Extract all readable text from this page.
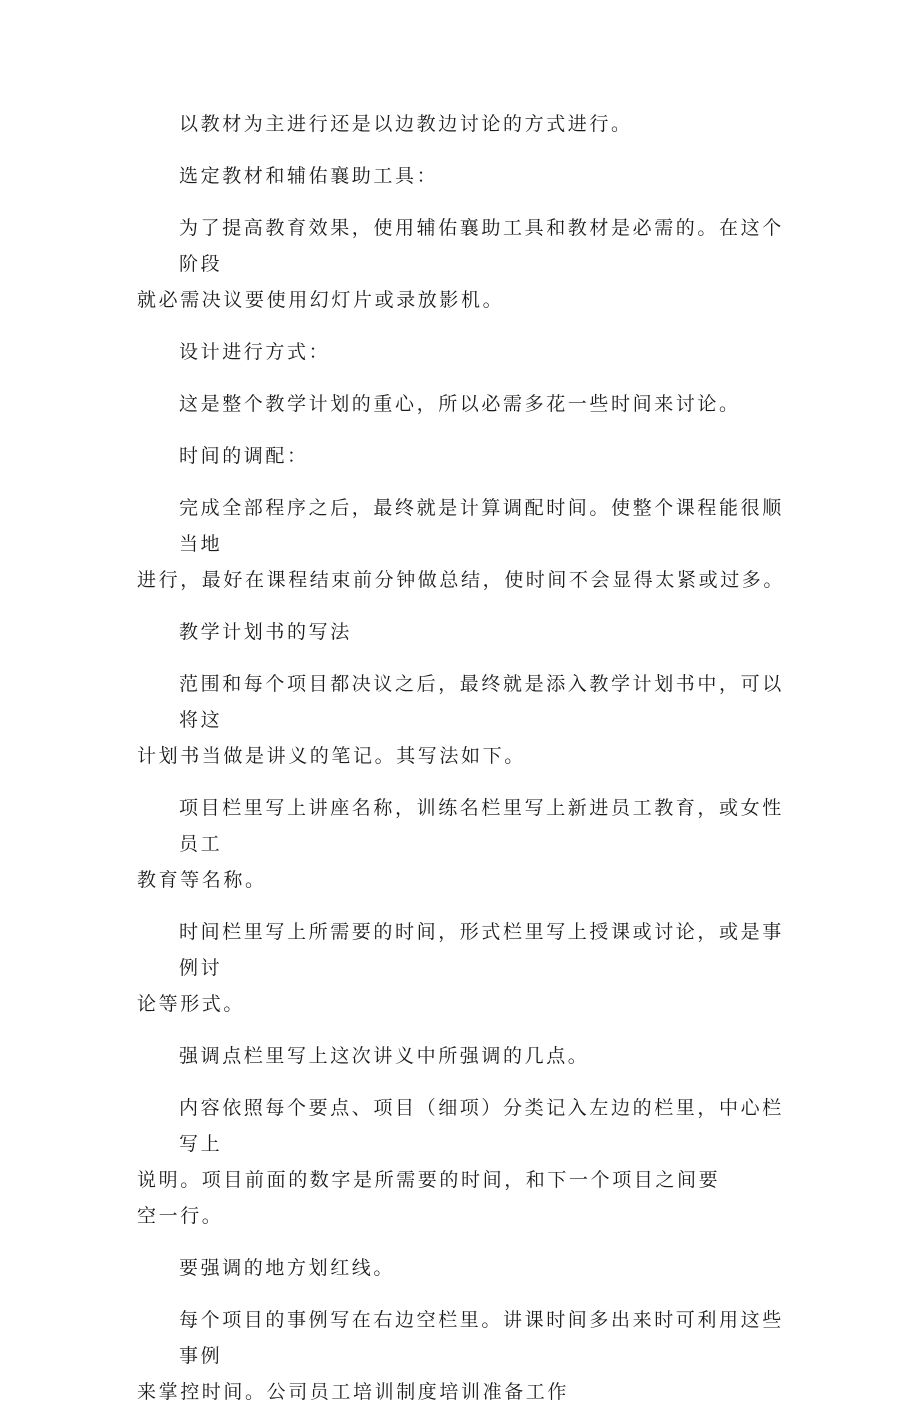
以教材为主进行还是以边教边讨论的方式进行。

选定教材和辅佑襄助工具：

为了提高教育效果，使用辅佑襄助工具和教材是必需的。在这个阶段
就必需决议要使用幻灯片或录放影机。

设计进行方式：

这是整个教学计划的重心，所以必需多花一些时间来讨论。

时间的调配：

完成全部程序之后，最终就是计算调配时间。使整个课程能很顺当地
进行，最好在课程结束前分钟做总结，使时间不会显得太紧或过多。

教学计划书的写法

范围和每个项目都决议之后，最终就是添入教学计划书中，可以将这
计划书当做是讲义的笔记。其写法如下。

项目栏里写上讲座名称，训练名栏里写上新进员工教育，或女性员工
教育等名称。

时间栏里写上所需要的时间，形式栏里写上授课或讨论，或是事例讨
论等形式。

强调点栏里写上这次讲义中所强调的几点。

内容依照每个要点、项目（细项）分类记入左边的栏里，中心栏写上
说明。项目前面的数字是所需要的时间，和下一个项目之间要

空一行。

要强调的地方划红线。

每个项目的事例写在右边空栏里。讲课时间多出来时可利用这些事例
来掌控时间。公司员工培训制度培训准备工作
